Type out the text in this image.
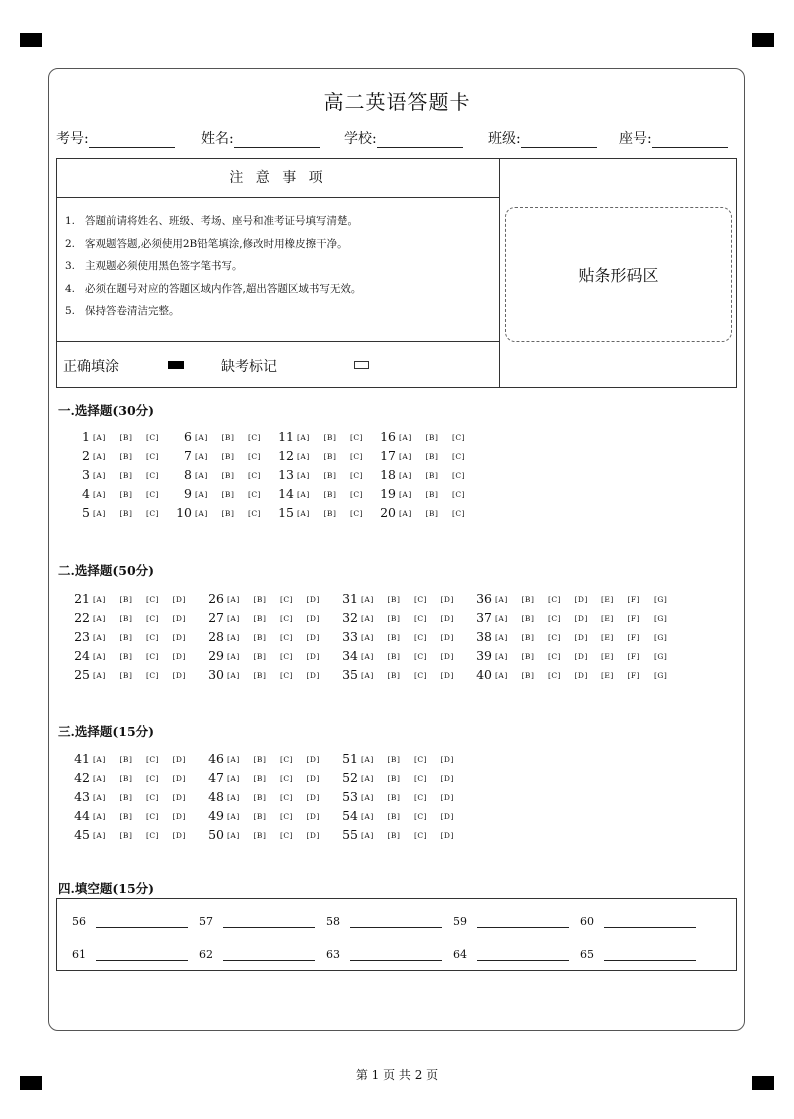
高二英语答题卡
考号:	姓名:	学校:	班级:	座号:
注 意 事 项
1. 答题前请将姓名、班级、考场、座号和准考证号填写清楚。
2. 客观题答题,必须使用2B铅笔填涂,修改时用橡皮擦干净。
3. 主观题必须使用黑色签字笔书写。
4. 必须在题号对应的答题区域内作答,超出答题区域书写无效。
5. 保持答卷清洁完整。
正确填涂	缺考标记
贴条形码区
一.选择题(30分)
二.选择题(50分)
三.选择题(15分)
四.填空题(15分)
1 [A] [B] [C]
2 [A] [B] [C]
3 [A] [B] [C]
4 [A] [B] [C]
5 [A] [B] [C]
6 [A] [B] [C]
7 [A] [B] [C]
8 [A] [B] [C]
9 [A] [B] [C]
10 [A] [B] [C]
11 [A] [B] [C]
12 [A] [B] [C]
13 [A] [B] [C]
14 [A] [B] [C]
15 [A] [B] [C]
16 [A] [B] [C]
17 [A] [B] [C]
18 [A] [B] [C]
19 [A] [B] [C]
20 [A] [B] [C]
21 [A] [B] [C] [D]
22 [A] [B] [C] [D]
23 [A] [B] [C] [D]
24 [A] [B] [C] [D]
25 [A] [B] [C] [D]
26 [A] [B] [C] [D]
27 [A] [B] [C] [D]
28 [A] [B] [C] [D]
29 [A] [B] [C] [D]
30 [A] [B] [C] [D]
31 [A] [B] [C] [D]
32 [A] [B] [C] [D]
33 [A] [B] [C] [D]
34 [A] [B] [C] [D]
35 [A] [B] [C] [D]
36 [A] [B] [C] [D] [E] [F] [G]
37 [A] [B] [C] [D] [E] [F] [G]
38 [A] [B] [C] [D] [E] [F] [G]
39 [A] [B] [C] [D] [E] [F] [G]
40 [A] [B] [C] [D] [E] [F] [G]
41 [A] [B] [C] [D]
42 [A] [B] [C] [D]
43 [A] [B] [C] [D]
44 [A] [B] [C] [D]
45 [A] [B] [C] [D]
46 [A] [B] [C] [D]
47 [A] [B] [C] [D]
48 [A] [B] [C] [D]
49 [A] [B] [C] [D]
50 [A] [B] [C] [D]
51 [A] [B] [C] [D]
52 [A] [B] [C] [D]
53 [A] [B] [C] [D]
54 [A] [B] [C] [D]
55 [A] [B] [C] [D]
56	57	58	59	60
61	62	63	64	65
第 1 页 共 2 页
